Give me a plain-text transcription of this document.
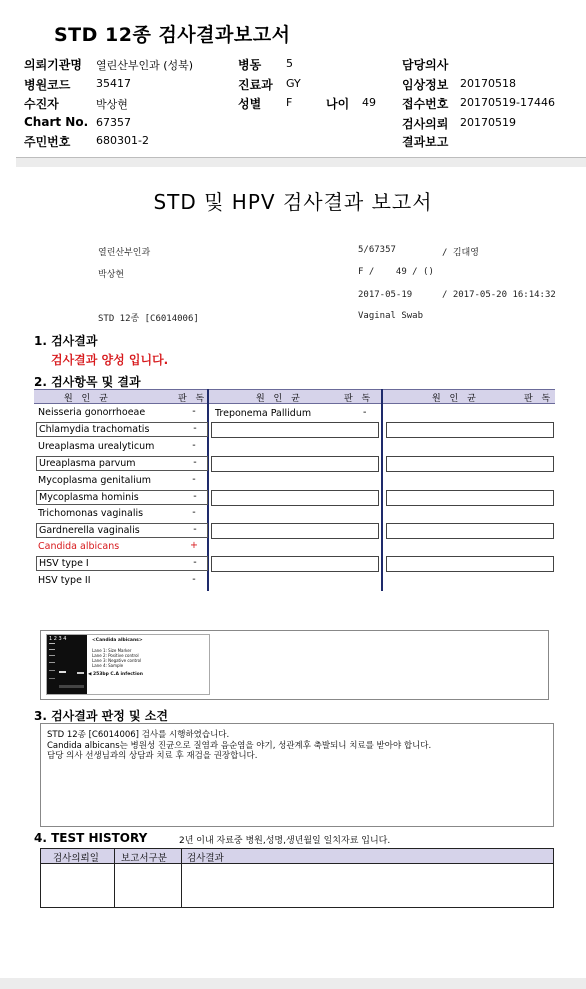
STD 12종 검사결과보고서
의뢰기관명 열린산부인과 (성북)	병동 5	담당의사
병원코드 35417	진료과 GY	임상정보 20170518
수진자	박상현	성별 F	나이 49 접수번호 20170519-17446
Chart No. 67357	검사의뢰 20170519
주민번호 680301-2	결과보고
STD 및 HPV 검사결과 보고서
열린산부인과
박상현
STD 12종 [C6014006]
5/67357	/ 김대영
F /    49 / ()
2017-05-19	/ 2017-05-20 16:14:32
Vaginal Swab
1. 검사결과
검사결과 양성 입니다.
2. 검사항목 및 결과
원 인 균	판 독	원 인 균	판 독	원 인 균	판 독
Neisseria gonorrhoeae	-
Chlamydia trachomatis	-
Ureaplasma urealyticum	-
Ureaplasma parvum	-
Mycoplasma genitalium	-
Mycoplasma hominis	-
Trichomonas vaginalis	-
Gardnerella vaginalis	-
Candida albicans	+
HSV type I	-
HSV type II	-
Treponema Pallidum	-
1 2 3 4	<Candida albicans>
Lane 1: Size Marker
Lane 2: Positive control
Lane 3: Negative control
Lane 4: Sample
◀ 253bp C.A infection
3. 검사결과 판정 및 소견
STD 12종 [C6014006] 검사를 시행하였습니다.
Candida albicans는 병원성 진균으로 질염과 음순염을 야기, 성관계후 축발되니 치료를 받아야 합니다.
담당 의사 선생님과의 상담과 치료 후 재검을 권장합니다.
4. TEST HISTORY	2년 이내 자료중 병원,성명,생년월일 일치자료 입니다.
검사의뢰일 보고서구분 검사결과
